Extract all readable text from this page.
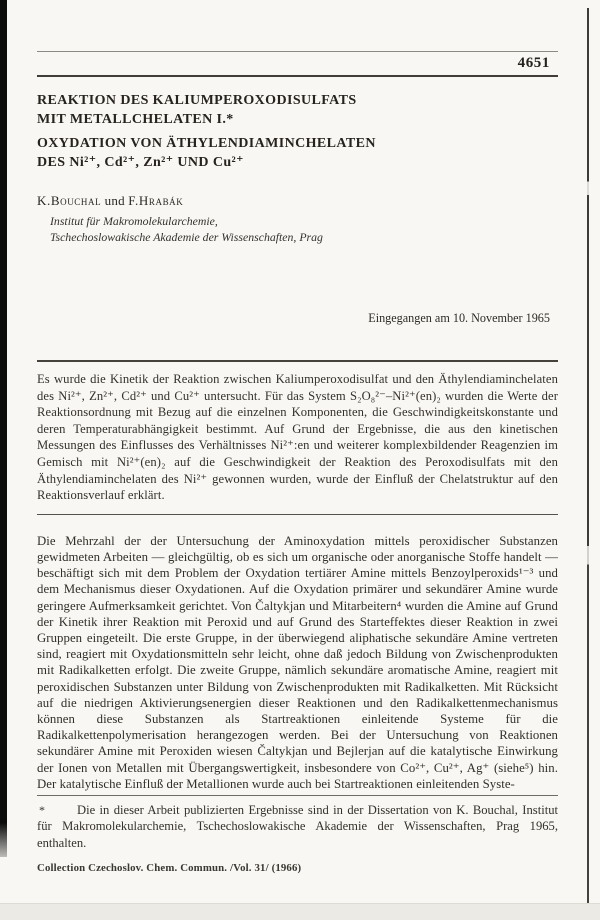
4651
REAKTION DES KALIUMPEROXODISULFATS
MIT METALLCHELATEN I.*
OXYDATION VON ÄTHYLENDIAMINCHELATEN
DES Ni²⁺, Cd²⁺, Zn²⁺ UND Cu²⁺
K.Bouchal und F.Hrabák
Institut für Makromolekularchemie,
Tschechoslowakische Akademie der Wissenschaften, Prag
Eingegangen am 10. November 1965

Es wurde die Kinetik der Reaktion zwischen Kaliumperoxodisulfat und den Äthylendiaminchelaten des Ni²⁺, Zn²⁺, Cd²⁺ und Cu²⁺ untersucht. Für das System S₂O₈²⁻–Ni²⁺(en)₂ wurden die Werte der Reaktionsordnung mit Bezug auf die einzelnen Komponenten, die Geschwindigkeitskonstante und deren Temperaturabhängigkeit bestimmt. Auf Grund der Ergebnisse, die aus den kinetischen Messungen des Einflusses des Verhältnisses Ni²⁺:en und weiterer komplexbildender Reagenzien im Gemisch mit Ni²⁺(en)₂ auf die Geschwindigkeit der Reaktion des Peroxodisulfats mit den Äthylendiaminchelaten des Ni²⁺ gewonnen wurden, wurde der Einfluß der Chelatstruktur auf den Reaktionsverlauf erklärt.

Die Mehrzahl der der Untersuchung der Aminoxydation mittels peroxidischer Substanzen gewidmeten Arbeiten — gleichgültig, ob es sich um organische oder anorganische Stoffe handelt — beschäftigt sich mit dem Problem der Oxydation tertiärer Amine mittels Benzoylperoxids¹⁻³ und dem Mechanismus dieser Oxydationen. Auf die Oxydation primärer und sekundärer Amine wurde geringere Aufmerksamkeit gerichtet. Von Čaltykjan und Mitarbeitern⁴ wurden die Amine auf Grund der Kinetik ihrer Reaktion mit Peroxid und auf Grund des Starteffektes dieser Reaktion in zwei Gruppen eingeteilt. Die erste Gruppe, in der überwiegend aliphatische sekundäre Amine vertreten sind, reagiert mit Oxydationsmitteln sehr leicht, ohne daß jedoch Bildung von Zwischenprodukten mit Radikalketten erfolgt. Die zweite Gruppe, nämlich sekundäre aromatische Amine, reagiert mit peroxidischen Substanzen unter Bildung von Zwischenprodukten mit Radikalketten. Mit Rücksicht auf die niedrigen Aktivierungsenergien dieser Reaktionen und den Radikalkettenmechanismus können diese Substanzen als Startreaktionen einleitende Systeme für die Radikalkettenpolymerisation herangezogen werden. Bei der Untersuchung von Reaktionen sekundärer Amine mit Peroxiden wiesen Čaltykjan und Bejlerjan auf die katalytische Einwirkung der Ionen von Metallen mit Übergangswertigkeit, insbesondere von Co²⁺, Cu²⁺, Ag⁺ (siehe⁵) hin. Der katalytische Einfluß der Metallionen wurde auch bei Startreaktionen einleitenden Syste-

*	Die in dieser Arbeit publizierten Ergebnisse sind in der Dissertation von K. Bouchal, Institut für Makromolekularchemie, Tschechoslowakische Akademie der Wissenschaften, Prag 1965, enthalten.

Collection Czechoslov. Chem. Commun. /Vol. 31/ (1966)
